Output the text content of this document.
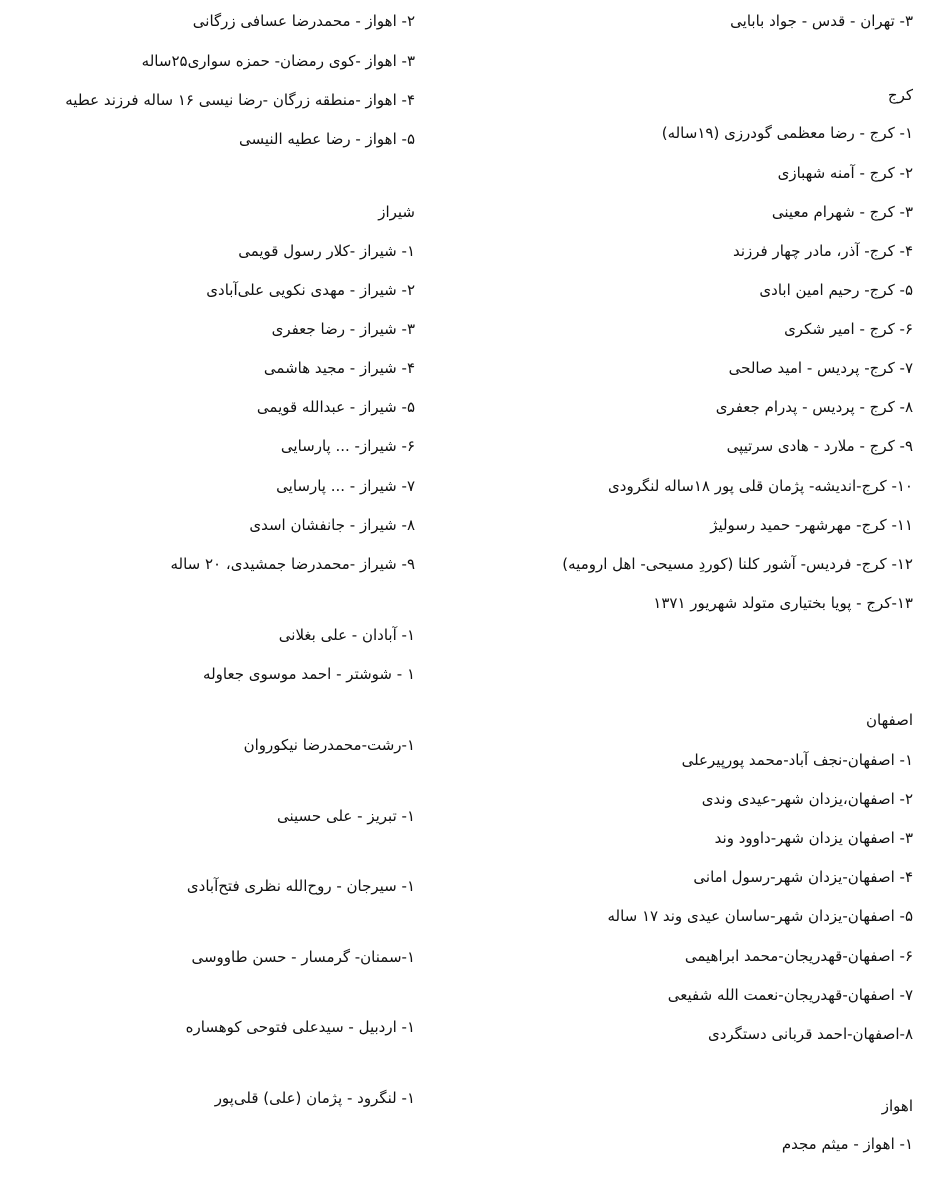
۳- تهران - قدس - جواد بابایی
کرج
۱- کرج - رضا معظمی گودرزی (۱۹ساله)
۲- کرج - آمنه شهبازی
۳- کرج - شهرام معینی
۴- کرج- آذر، مادر چهار فرزند
۵- کرج- رحیم امین ابادی
۶- کرج - امیر شکری
۷- کرج- پردیس - امید صالحی
۸- کرج - پردیس - پدرام جعفری
۹- کرج - ملارد - هادی سرتیپی
۱۰- کرج-اندیشه- پژمان قلی پور ۱۸ساله لنگرودی
۱۱- کرج- مهرشهر- حمید رسولیژ
۱۲- کرج- فردیس- آشور کلنا (کوردِ مسیحی- اهل ارومیه)
۱۳-کرج - پویا بختیاری متولد شهریور ۱۳۷۱
اصفهان
۱- اصفهان-نجف آباد-محمد پورپیرعلی
۲- اصفهان،یزدان شهر-عیدی وندی
۳- اصفهان یزدان شهر-داوود وند
۴- اصفهان-یزدان شهر-رسول امانی
۵- اصفهان-یزدان شهر-ساسان عیدی وند ۱۷ ساله
۶- اصفهان-قهدریجان-محمد ابراهیمی
۷- اصفهان-قهدریجان-نعمت الله شفیعی
۸-اصفهان-احمد قربانی دستگردی
اهواز
۱- اهواز - میثم مجدم
۲- اهواز - محمدرضا عسافی زرگانی
۳- اهواز -کوی رمضان- حمزه سواری۲۵ساله
۴- اهواز -منطقه زرگان -رضا نیسی ۱۶ ساله فرزند عطیه
۵- اهواز - رضا عطیه النیسی
شیراز
۱- شیراز -کلار رسول قویمی
۲- شیراز - مهدی نکویی علی‌آبادی
۳- شیراز - رضا جعفری
۴- شیراز - مجید هاشمی
۵- شیراز - عبدالله قویمی
۶- شیراز- ... پارسایی
۷- شیراز - ... پارسایی
۸- شیراز - جانفشان اسدی
۹- شیراز -محمدرضا جمشیدی، ۲۰ ساله
۱- آبادان - علی بغلانی
۱ - شوشتر - احمد موسوی جعاوله
۱-رشت-محمدرضا نیکوروان
۱- تبریز - علی حسینی
۱- سیرجان - روح‌الله نظری فتح‌آبادی
۱-سمنان- گرمسار - حسن طاووسی
۱- اردبیل - سیدعلی فتوحی کوهساره
۱- لنگرود - پژمان (علی) قلی‌پور
